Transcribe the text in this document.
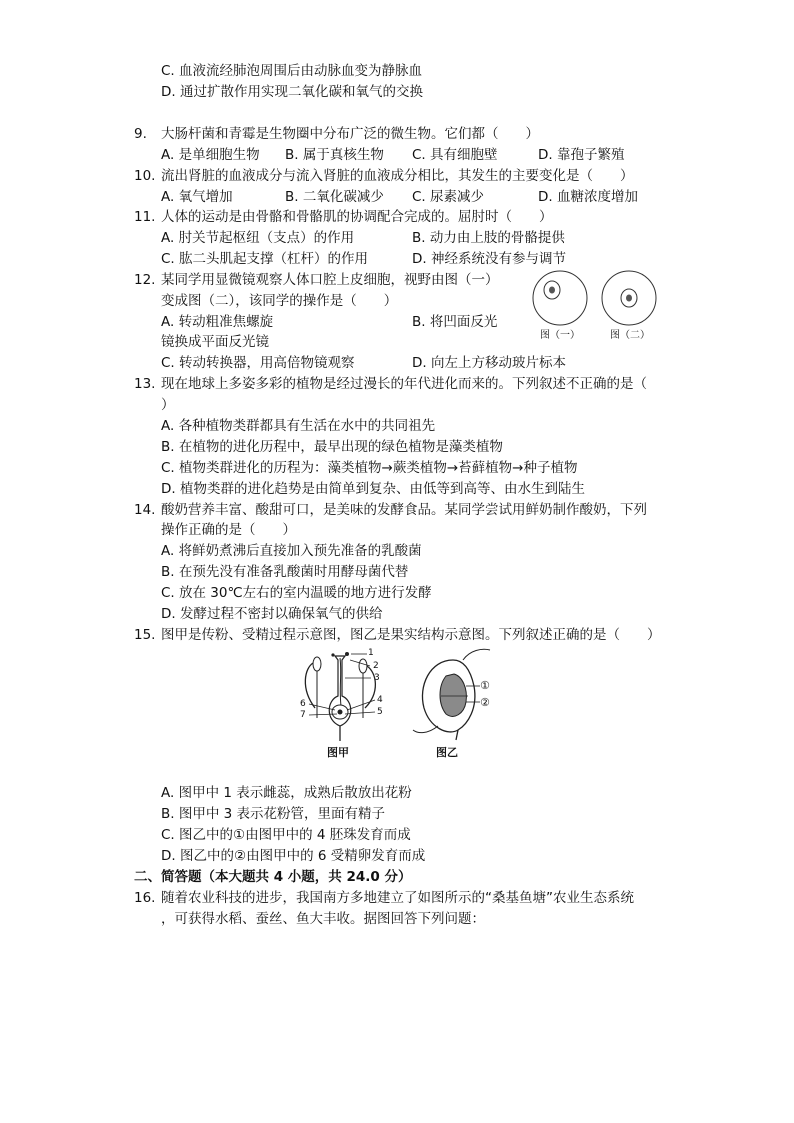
C. 血液流经肺泡周围后由动脉血变为静脉血
D. 通过扩散作用实现二氧化碳和氧气的交换
9. 大肠杆菌和青霉是生物圈中分布广泛的微生物。它们都（　　）
A. 是单细胞生物 B. 属于真核生物 C. 具有细胞壁	D. 靠孢子繁殖
10. 流出肾脏的血液成分与流入肾脏的血液成分相比，其发生的主要变化是（　　）
A. 氧气增加	B. 二氧化碳减少 C. 尿素减少	D. 血糖浓度增加
11. 人体的运动是由骨骼和骨骼肌的协调配合完成的。屈肘时（　　）
A. 肘关节起枢纽（支点）的作用	B. 动力由上肢的骨骼提供
C. 肱二头肌起支撑（杠杆）的作用	D. 神经系统没有参与调节
12. 某同学用显微镜观察人体口腔上皮细胞，视野由图（一）
变成图（二），该同学的操作是（　　）
A. 转动粗准焦螺旋	B. 将凹面反光
镜换成平面反光镜
C. 转动转换器，用高倍物镜观察	D. 向左上方移动玻片标本
图（一）	图（二）
13. 现在地球上多姿多彩的植物是经过漫长的年代进化而来的。下列叙述不正确的是（
）
A. 各种植物类群都具有生活在水中的共同祖先
B. 在植物的进化历程中，最早出现的绿色植物是藻类植物
C. 植物类群进化的历程为：藻类植物→蕨类植物→苔藓植物→种子植物
D. 植物类群的进化趋势是由简单到复杂、由低等到高等、由水生到陆生
14. 酸奶营养丰富、酸甜可口，是美味的发酵食品。某同学尝试用鲜奶制作酸奶，下列
操作正确的是（　　）
A. 将鲜奶煮沸后直接加入预先准备的乳酸菌
B. 在预先没有准备乳酸菌时用酵母菌代替
C. 放在 30℃左右的室内温暖的地方进行发酵
D. 发酵过程不密封以确保氧气的供给
15. 图甲是传粉、受精过程示意图，图乙是果实结构示意图。下列叙述正确的是（　　）
1
2
3
4
5
6
7
图甲
①
②
图乙
A. 图甲中 1 表示雌蕊，成熟后散放出花粉
B. 图甲中 3 表示花粉管，里面有精子
C. 图乙中的①由图甲中的 4 胚珠发育而成
D. 图乙中的②由图甲中的 6 受精卵发育而成
二、简答题（本大题共 4 小题，共 24.0 分）
16. 随着农业科技的进步，我国南方多地建立了如图所示的“桑基鱼塘”农业生态系统
，可获得水稻、蚕丝、鱼大丰收。据图回答下列问题：
